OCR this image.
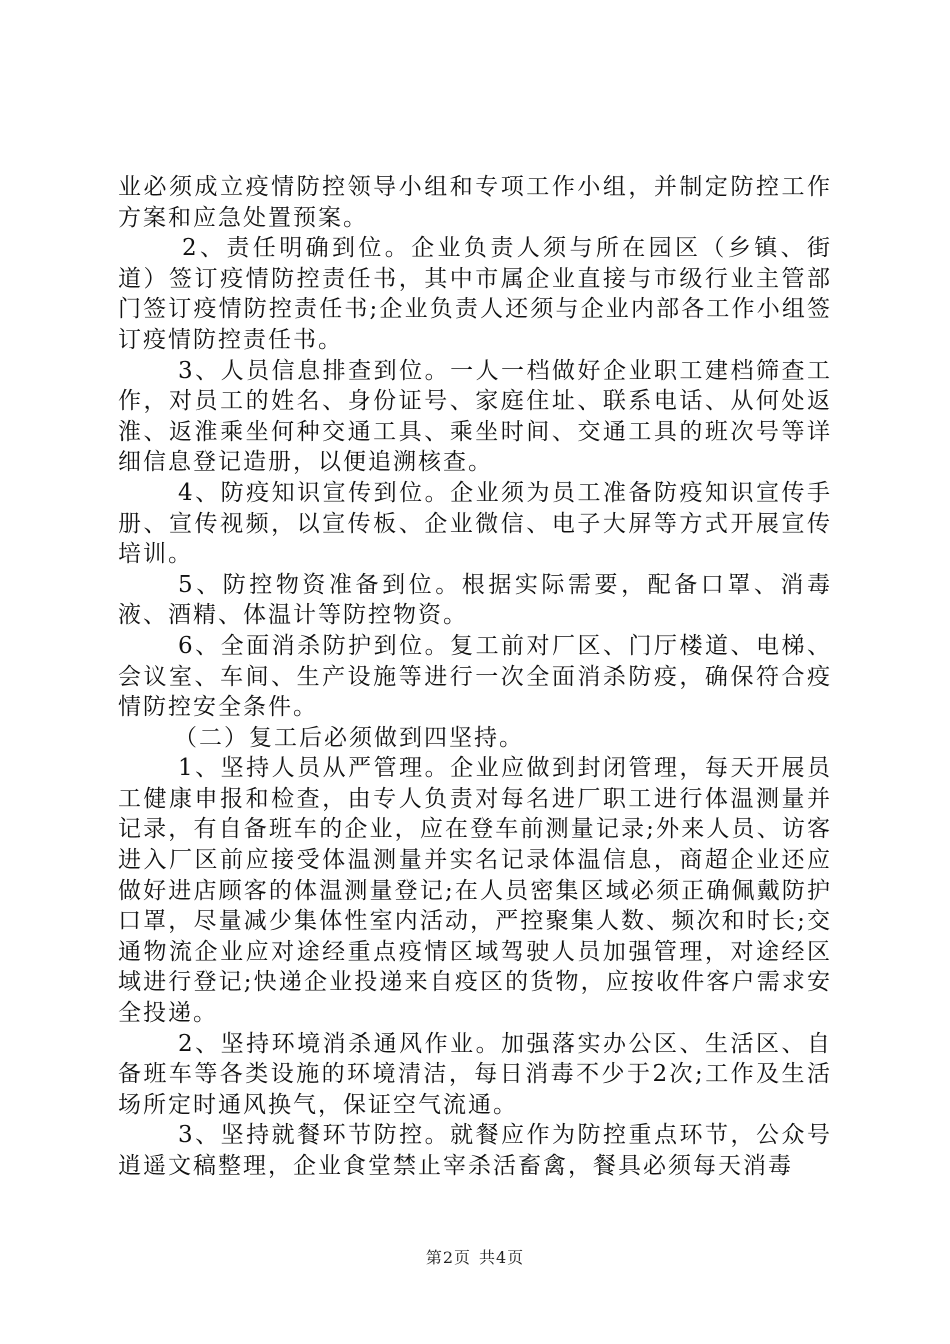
业必须成立疫情防控领导小组和专项工作小组，并制定防控工作方案和应急处置预案。

2、责任明确到位。企业负责人须与所在园区（乡镇、街道）签订疫情防控责任书，其中市属企业直接与市级行业主管部门签订疫情防控责任书;企业负责人还须与企业内部各工作小组签订疫情防控责任书。

3、人员信息排查到位。一人一档做好企业职工建档筛查工作，对员工的姓名、身份证号、家庭住址、联系电话、从何处返淮、返淮乘坐何种交通工具、乘坐时间、交通工具的班次号等详细信息登记造册，以便追溯核查。

4、防疫知识宣传到位。企业须为员工准备防疫知识宣传手册、宣传视频，以宣传板、企业微信、电子大屏等方式开展宣传培训。

5、防控物资准备到位。根据实际需要，配备口罩、消毒液、酒精、体温计等防控物资。

6、全面消杀防护到位。复工前对厂区、门厅楼道、电梯、会议室、车间、生产设施等进行一次全面消杀防疫，确保符合疫情防控安全条件。

（二）复工后必须做到四坚持。

1、坚持人员从严管理。企业应做到封闭管理，每天开展员工健康申报和检查，由专人负责对每名进厂职工进行体温测量并记录，有自备班车的企业，应在登车前测量记录;外来人员、访客进入厂区前应接受体温测量并实名记录体温信息，商超企业还应做好进店顾客的体温测量登记;在人员密集区域必须正确佩戴防护口罩，尽量减少集体性室内活动，严控聚集人数、频次和时长;交通物流企业应对途经重点疫情区域驾驶人员加强管理，对途经区域进行登记;快递企业投递来自疫区的货物，应按收件客户需求安全投递。

2、坚持环境消杀通风作业。加强落实办公区、生活区、自备班车等各类设施的环境清洁，每日消毒不少于2次;工作及生活场所定时通风换气，保证空气流通。

3、坚持就餐环节防控。就餐应作为防控重点环节，公众号逍遥文稿整理，企业食堂禁止宰杀活畜禽，餐具必须每天消毒

第2页 共4页
